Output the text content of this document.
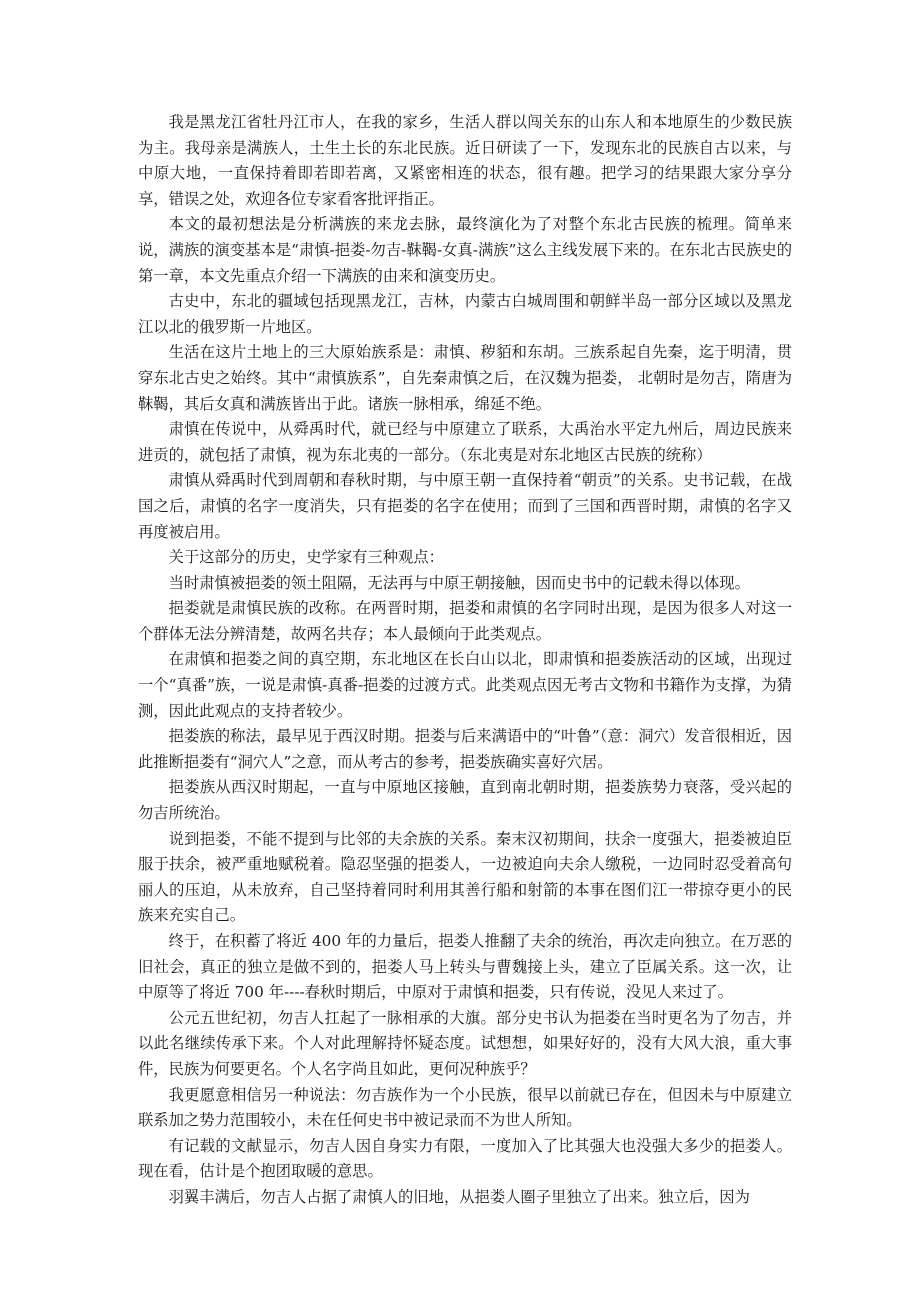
我是黑龙江省牡丹江市人，在我的家乡，生活人群以闯关东的山东人和本地原生的少数民族为主。我母亲是满族人，土生土长的东北民族。近日研读了一下，发现东北的民族自古以来，与中原大地，一直保持着即若即若离，又紧密相连的状态，很有趣。把学习的结果跟大家分享分享，错误之处，欢迎各位专家看客批评指正。

本文的最初想法是分析满族的来龙去脉，最终演化为了对整个东北古民族的梳理。简单来说，满族的演变基本是“肃慎-挹娄-勿吉-靺鞨-女真-满族”这么主线发展下来的。在东北古民族史的第一章，本文先重点介绍一下满族的由来和演变历史。

古史中，东北的疆域包括现黑龙江，吉林，内蒙古白城周围和朝鲜半岛一部分区域以及黑龙江以北的俄罗斯一片地区。

生活在这片土地上的三大原始族系是：肃慎、秽貊和东胡。三族系起自先秦，迄于明清，贯穿东北古史之始终。其中“肃慎族系”，自先秦肃慎之后，在汉魏为挹娄， 北朝时是勿吉，隋唐为靺鞨，其后女真和满族皆出于此。诸族一脉相承，绵延不绝。

肃慎在传说中，从舜禹时代，就已经与中原建立了联系，大禹治水平定九州后，周边民族来进贡的，就包括了肃慎，视为东北夷的一部分。（东北夷是对东北地区古民族的统称）

肃慎从舜禹时代到周朝和春秋时期，与中原王朝一直保持着“朝贡”的关系。史书记载，在战国之后，肃慎的名字一度消失，只有挹娄的名字在使用；而到了三国和西晋时期，肃慎的名字又再度被启用。

关于这部分的历史，史学家有三种观点：

当时肃慎被挹娄的领土阻隔，无法再与中原王朝接触，因而史书中的记载未得以体现。

挹娄就是肃慎民族的改称。在两晋时期，挹娄和肃慎的名字同时出现，是因为很多人对这一个群体无法分辨清楚，故两名共存；本人最倾向于此类观点。

在肃慎和挹娄之间的真空期，东北地区在长白山以北，即肃慎和挹娄族活动的区域，出现过一个“真番”族，一说是肃慎-真番-挹娄的过渡方式。此类观点因无考古文物和书籍作为支撑，为猜测，因此此观点的支持者较少。

挹娄族的称法，最早见于西汉时期。挹娄与后来满语中的“叶鲁”（意：洞穴）发音很相近，因此推断挹娄有“洞穴人”之意，而从考古的参考，挹娄族确实喜好穴居。

挹娄族从西汉时期起，一直与中原地区接触，直到南北朝时期，挹娄族势力衰落，受兴起的勿吉所统治。

说到挹娄，不能不提到与比邻的夫余族的关系。秦末汉初期间，扶余一度强大，挹娄被迫臣服于扶余，被严重地赋税着。隐忍坚强的挹娄人，一边被迫向夫余人缴税，一边同时忍受着高句丽人的压迫，从未放弃，自己坚持着同时利用其善行船和射箭的本事在图们江一带掠夺更小的民族来充实自己。

终于，在积蓄了将近 400 年的力量后，挹娄人推翻了夫余的统治，再次走向独立。在万恶的旧社会，真正的独立是做不到的，挹娄人马上转头与曹魏接上头，建立了臣属关系。这一次，让中原等了将近 700 年----春秋时期后，中原对于肃慎和挹娄，只有传说，没见人来过了。

公元五世纪初，勿吉人扛起了一脉相承的大旗。部分史书认为挹娄在当时更名为了勿吉，并以此名继续传承下来。个人对此理解持怀疑态度。试想想，如果好好的，没有大风大浪，重大事件，民族为何要更名。个人名字尚且如此，更何况种族乎？

我更愿意相信另一种说法：勿吉族作为一个小民族，很早以前就已存在，但因未与中原建立联系加之势力范围较小，未在任何史书中被记录而不为世人所知。

有记载的文献显示，勿吉人因自身实力有限，一度加入了比其强大也没强大多少的挹娄人。现在看，估计是个抱团取暖的意思。

羽翼丰满后，勿吉人占据了肃慎人的旧地，从挹娄人圈子里独立了出来。独立后，因为
